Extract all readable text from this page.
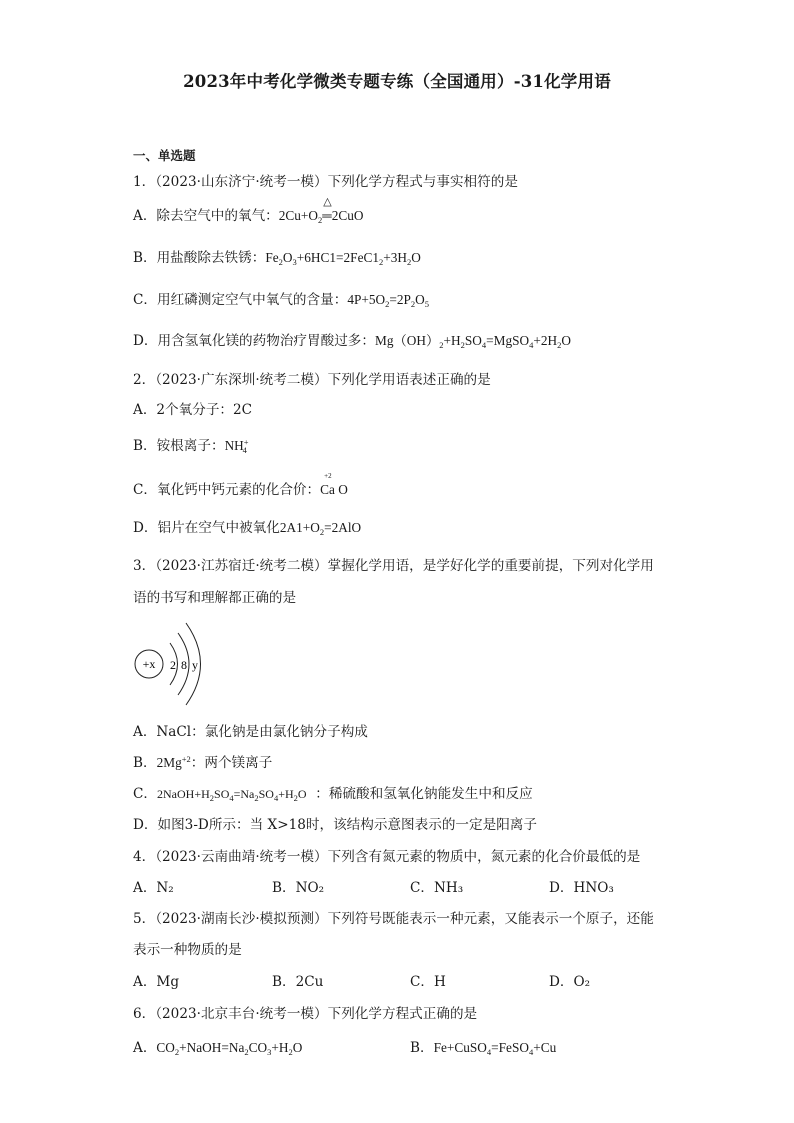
2023年中考化学微类专题专练（全国通用）-31化学用语
一、单选题
1．（2023·山东济宁·统考一模）下列化学方程式与事实相符的是
A．除去空气中的氧气：$2Cu+O_2$
△
═2CuO
B．用盐酸除去铁锈：$Fe_2O_3+6HC1=2FeC1_2+3H_2O$
C．用红磷测定空气中氧气的含量：$4P+5O_2=2P_2O_5$
D．用含氢氧化镁的药物治疗胃酸过多：$Mg(OH)_2+H_2SO_4=MgSO_4+2H_2O$
2．（2023·广东深圳·统考二模）下列化学用语表述正确的是
A．2个氧分子：2C
B．铵根离子：$NH^+_4$
C．氧化钙中钙元素的化合价：
+2
Ca O
D．铝片在空气中被氧化$2A1+O_2=2AlO$
3．（2023·江苏宿迁·统考二模）掌握化学用语，是学好化学的重要前提，下列对化学用
语的书写和理解都正确的是
+x 2 8 y
A．NaCl：氯化钠是由氯化钠分子构成
B．$2Mg^{+2}$：两个镁离子
C．$2NaOH+H_2SO_4=Na_2SO_4+H_2O$ ：稀硫酸和氢氧化钠能发生中和反应
D．如图3-D所示：当 X>18时，该结构示意图表示的一定是阳离子
4．（2023·云南曲靖·统考一模）下列含有氮元素的物质中，氮元素的化合价最低的是
A．N₂	B．NO₂	C．NH₃	D．HNO₃
5．（2023·湖南长沙·模拟预测）下列符号既能表示一种元素，又能表示一个原子，还能
表示一种物质的是
A．Mg	B．2Cu	C．H	D．O₂
6．（2023·北京丰台·统考一模）下列化学方程式正确的是
A．$CO_2+NaOH=Na_2CO_3+H_2O$	B．Fe+CuSO$_4$=FeSO$_4$+Cu
